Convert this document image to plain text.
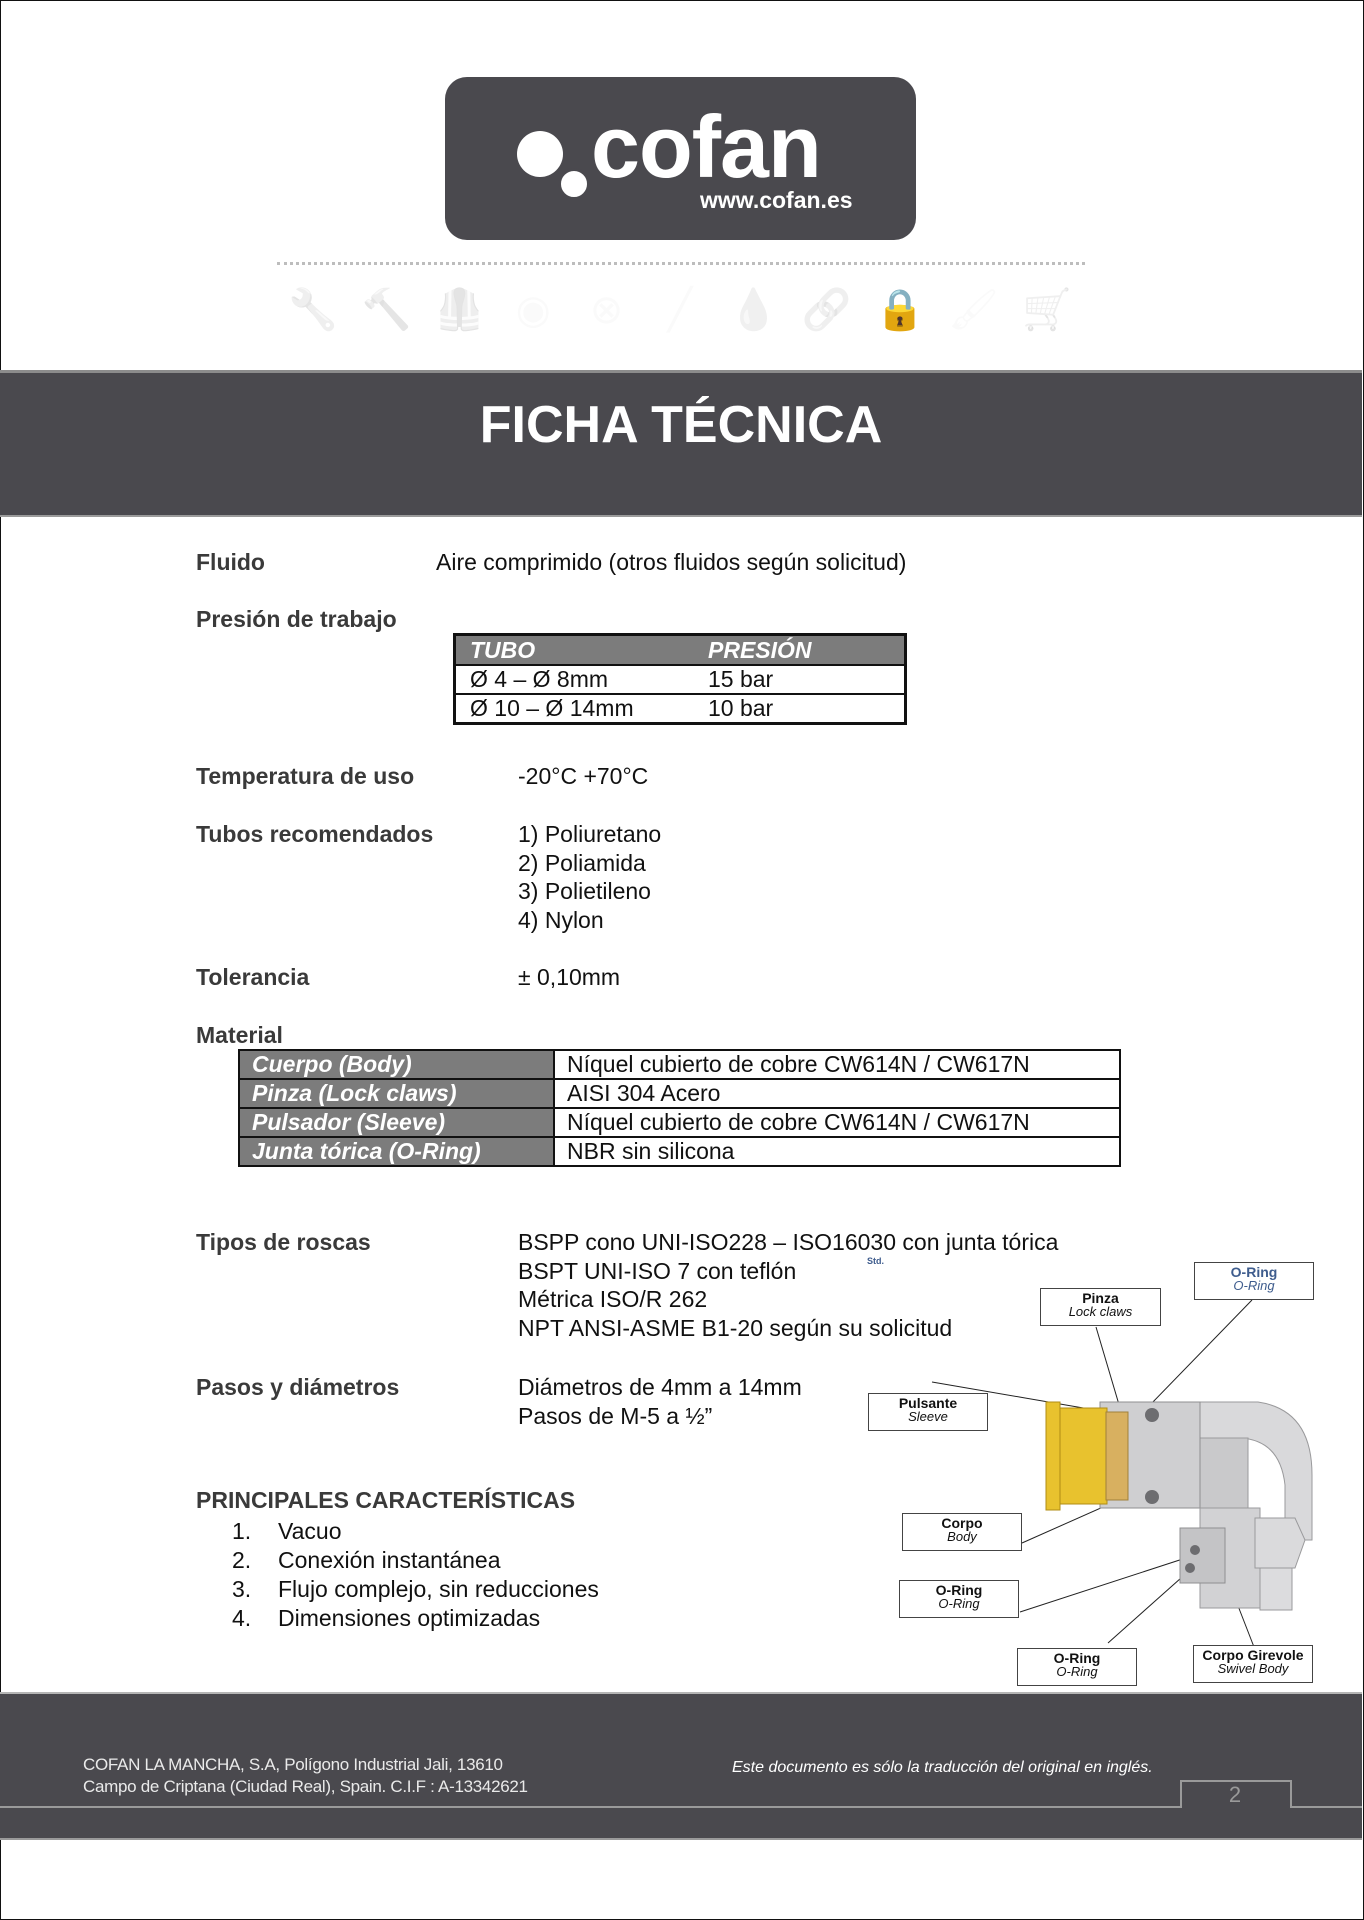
cofan
www.cofan.es
🔧 🔨 🦺 ◉ ⊗	╱ 💧 🔗 🔒 🖌 🛒
FICHA TÉCNICA
Fluido	Aire comprimido (otros fluidos según solicitud)
Presión de trabajo
TUBO	PRESIÓN
Ø 4 – Ø 8mm	15 bar
Ø 10 – Ø 14mm	10 bar
Temperatura de uso	-20°C +70°C
Tubos recomendados	1) Poliuretano
2) Poliamida
3) Polietileno
4) Nylon
Tolerancia	± 0,10mm
Material
Cuerpo (Body)	Níquel cubierto de cobre CW614N / CW617N
Pinza (Lock claws)	AISI 304 Acero
Pulsador (Sleeve)	Níquel cubierto de cobre CW614N / CW617N
Junta tórica (O-Ring)	NBR sin silicona
Tipos de roscas	BSPP cono UNI-ISO228 – ISO16030 con junta tórica
BSPT UNI-ISO 7 con teflón
Métrica ISO/R 262
NPT ANSI-ASME B1-20 según su solicitud
Std.
Pasos y diámetros	Diámetros de 4mm a 14mm
Pasos de M-5 a ½”
PRINCIPALES CARACTERÍSTICAS
1. Vacuo
2. Conexión instantánea
3. Flujo complejo, sin reducciones
4. Dimensiones optimizadas
O-Ring
O-Ring
Pinza
Lock claws
Pulsante
Sleeve
Corpo
Body
O-Ring
O-Ring
O-Ring
O-Ring
Corpo Girevole
Swivel Body
COFAN LA MANCHA, S.A, Polígono Industrial Jali, 13610
Campo de Criptana (Ciudad Real), Spain. C.I.F : A-13342621
Este documento es sólo la traducción del original en inglés.
2
